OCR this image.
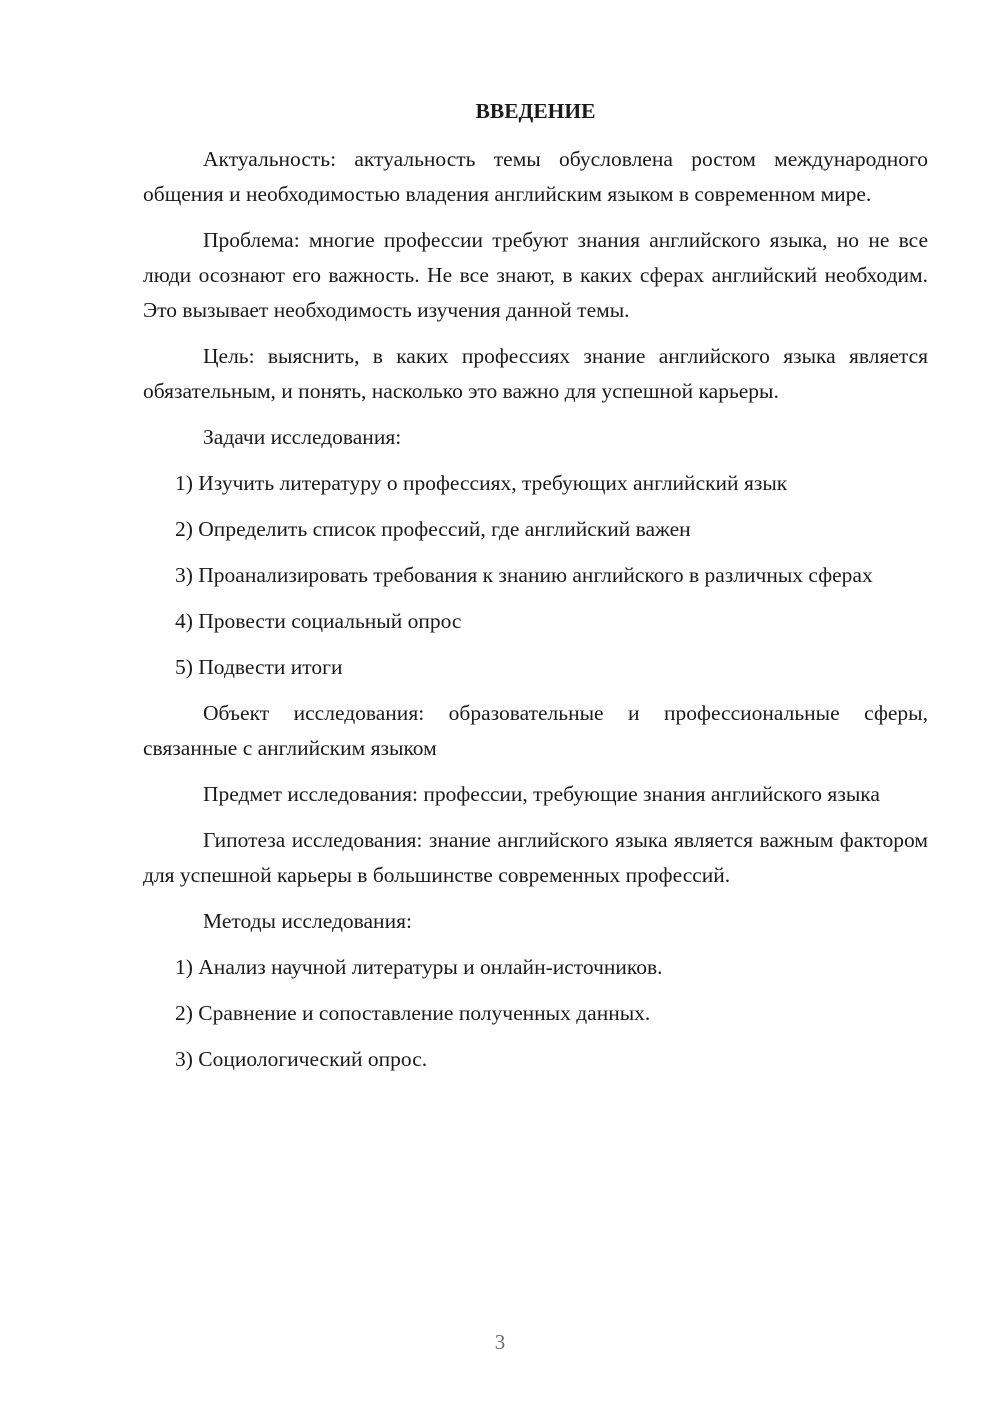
ВВЕДЕНИЕ

Актуальность: актуальность темы обусловлена ростом международного общения и необходимостью владения английским языком в современном мире.

Проблема: многие профессии требуют знания английского языка, но не все люди осознают его важность. Не все знают, в каких сферах английский необходим. Это вызывает необходимость изучения данной темы.

Цель: выяснить, в каких профессиях знание английского языка является обязательным, и понять, насколько это важно для успешной карьеры.

Задачи исследования:

1) Изучить литературу о профессиях, требующих английский язык

2) Определить список профессий, где английский важен

3) Проанализировать требования к знанию английского в различных сферах

4) Провести социальный опрос

5) Подвести итоги

Объект исследования: образовательные и профессиональные сферы, связанные с английским языком

Предмет исследования: профессии, требующие знания английского языка

Гипотеза исследования: знание английского языка является важным фактором для успешной карьеры в большинстве современных профессий.

Методы исследования:

1) Анализ научной литературы и онлайн-источников.

2) Сравнение и сопоставление полученных данных.

3) Социологический опрос.

3
